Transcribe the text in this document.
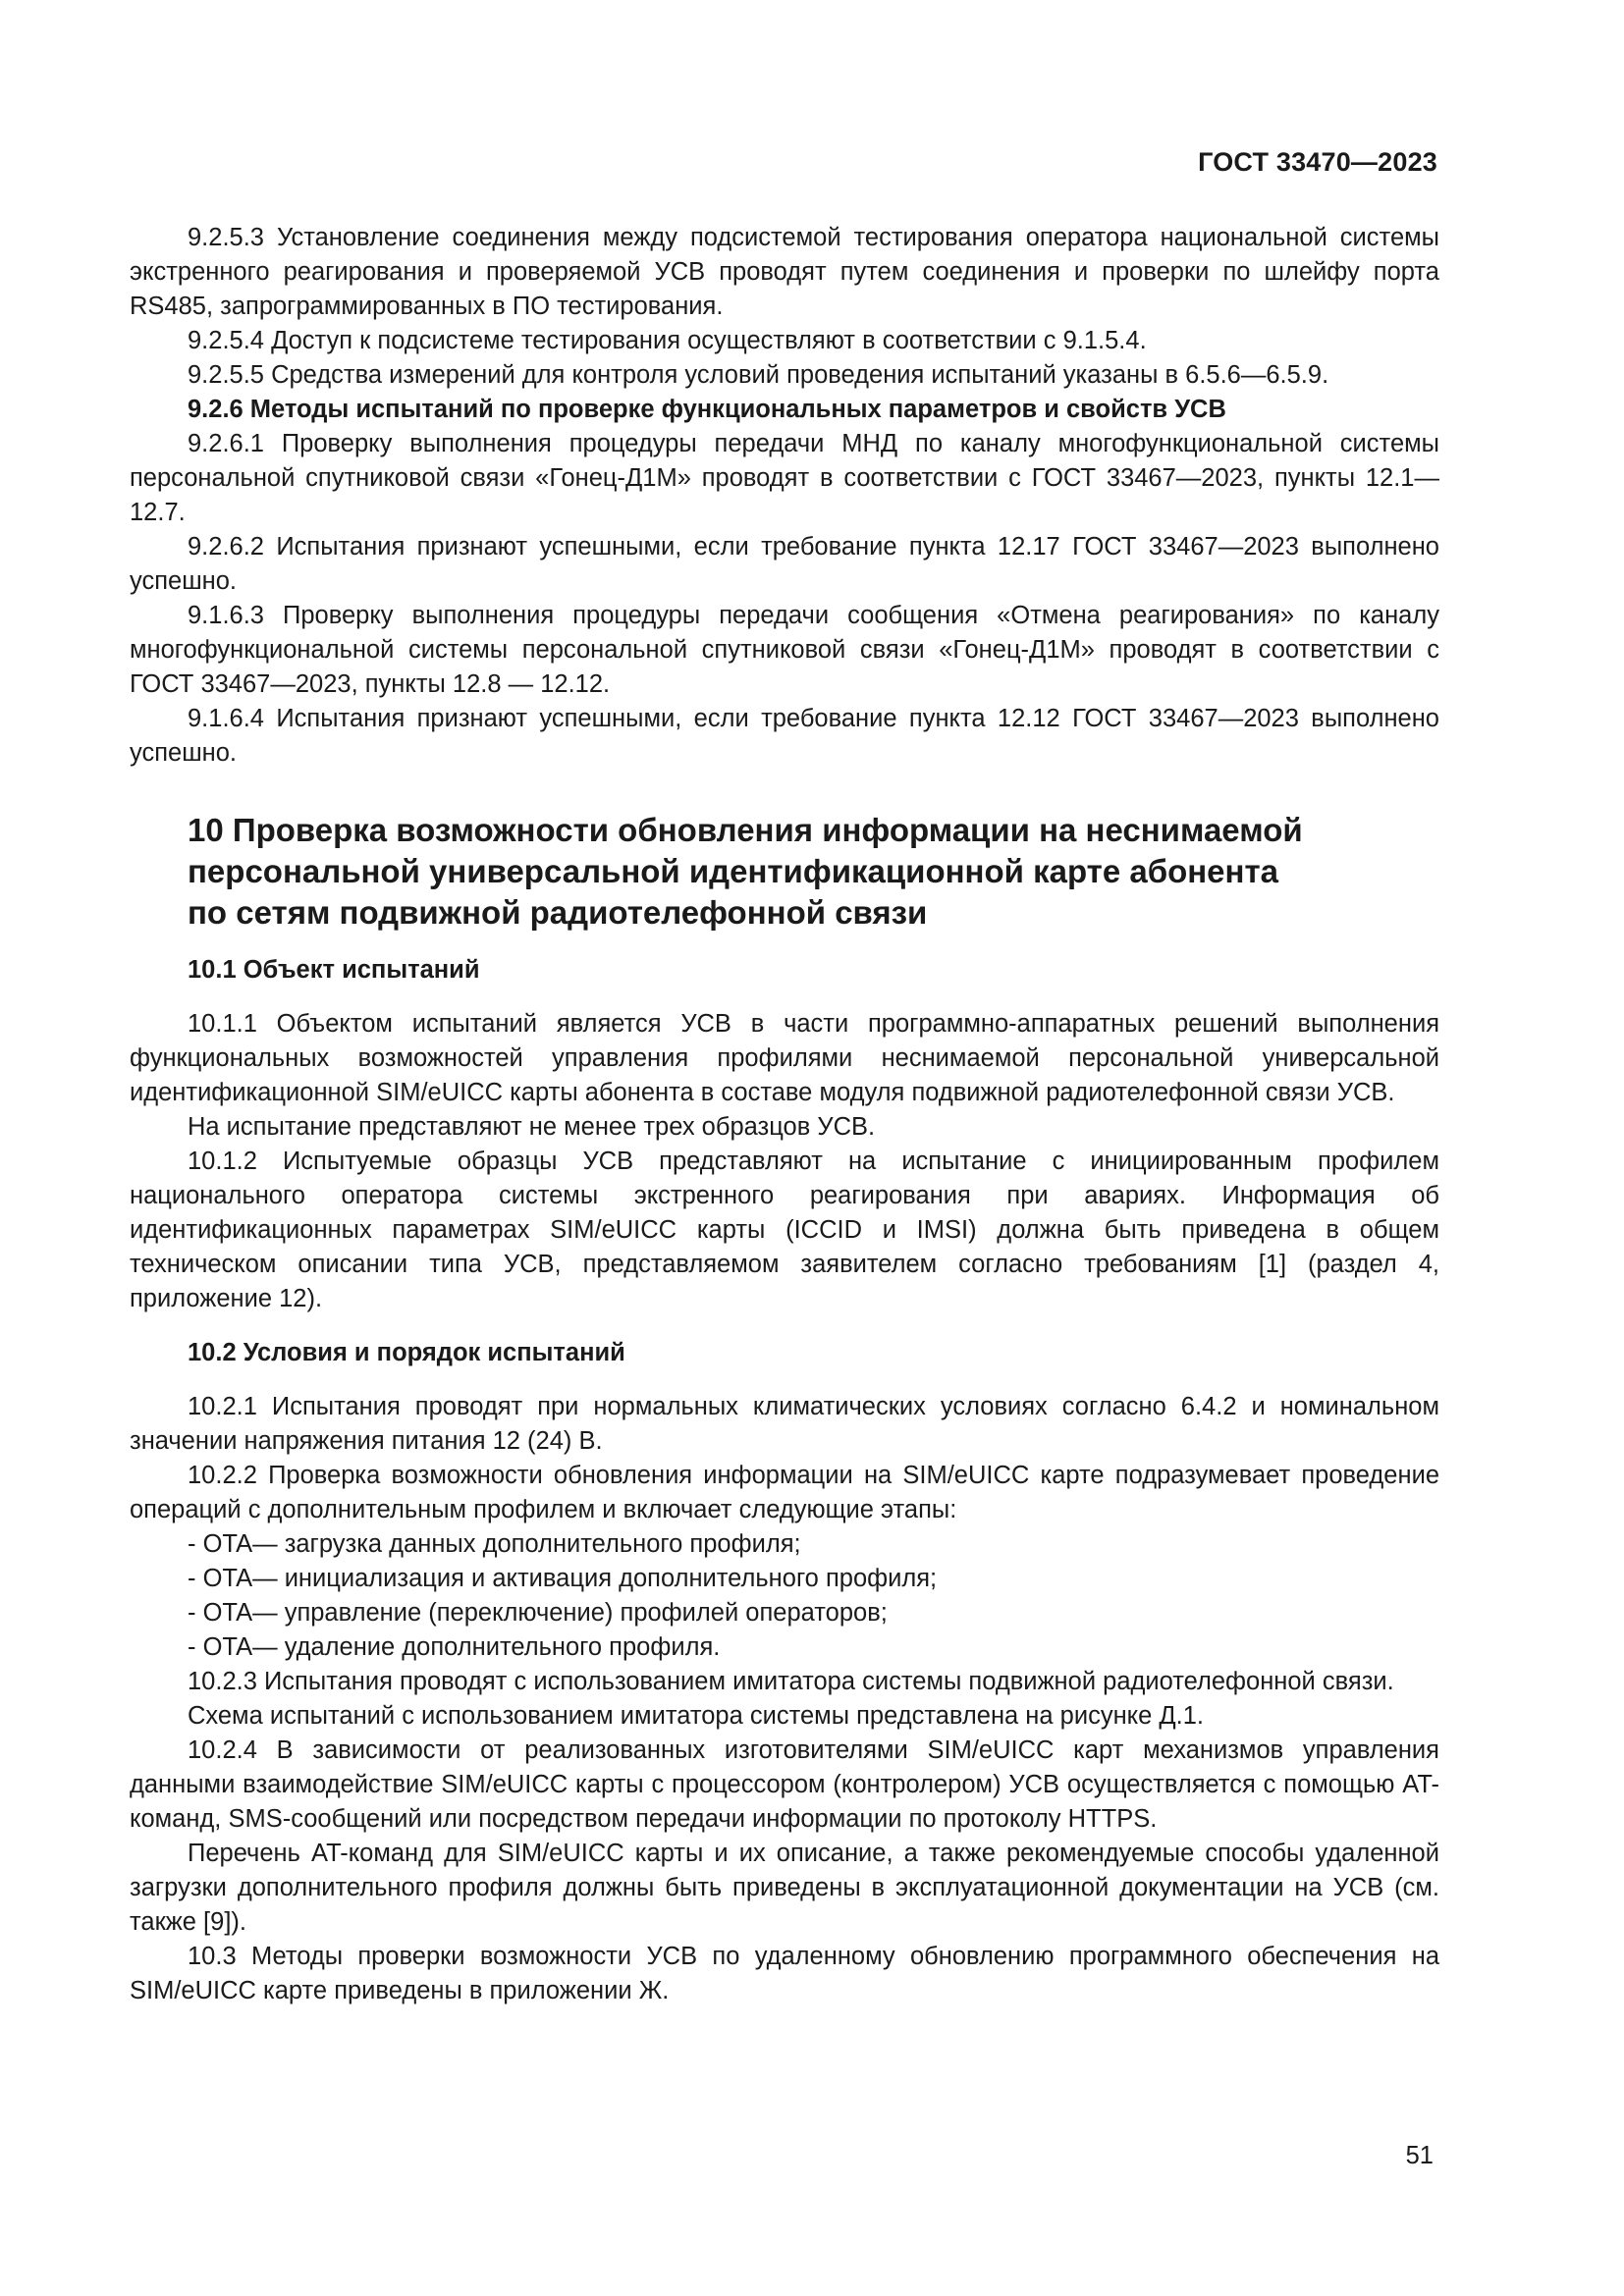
ГОСТ 33470—2023

9.2.5.3 Установление соединения между подсистемой тестирования оператора национальной системы экстренного реагирования и проверяемой УСВ проводят путем соединения и проверки по шлейфу порта RS485, запрограммированных в ПО тестирования.

9.2.5.4 Доступ к подсистеме тестирования осуществляют в соответствии с 9.1.5.4.

9.2.5.5 Средства измерений для контроля условий проведения испытаний указаны в 6.5.6—6.5.9.

9.2.6 Методы испытаний по проверке функциональных параметров и свойств УСВ

9.2.6.1 Проверку выполнения процедуры передачи МНД по каналу многофункциональной системы персональной спутниковой связи «Гонец-Д1М» проводят в соответствии с ГОСТ 33467—2023, пункты 12.1—12.7.

9.2.6.2 Испытания признают успешными, если требование пункта 12.17 ГОСТ 33467—2023 выполнено успешно.

9.1.6.3 Проверку выполнения процедуры передачи сообщения «Отмена реагирования» по каналу многофункциональной системы персональной спутниковой связи «Гонец-Д1М» проводят в соответствии с ГОСТ 33467—2023, пункты 12.8 — 12.12.

9.1.6.4 Испытания признают успешными, если требование пункта 12.12 ГОСТ 33467—2023 выполнено успешно.

10 Проверка возможности обновления информации на неснимаемой
персональной универсальной идентификационной карте абонента
по сетям подвижной радиотелефонной связи
10.1 Объект испытаний

10.1.1 Объектом испытаний является УСВ в части программно-аппаратных решений выполнения функциональных возможностей управления профилями неснимаемой персональной универсальной идентификационной SIM/eUICC карты абонента в составе модуля подвижной радиотелефонной связи УСВ.

На испытание представляют не менее трех образцов УСВ.

10.1.2 Испытуемые образцы УСВ представляют на испытание с инициированным профилем национального оператора системы экстренного реагирования при авариях. Информация об идентификационных параметрах SIM/eUICC карты (ICCID и IMSI) должна быть приведена в общем техническом описании типа УСВ, представляемом заявителем согласно требованиям [1] (раздел 4, приложение 12).

10.2 Условия и порядок испытаний

10.2.1 Испытания проводят при нормальных климатических условиях согласно 6.4.2 и номинальном значении напряжения питания 12 (24) В.

10.2.2 Проверка возможности обновления информации на SIM/eUICC карте подразумевает проведение операций с дополнительным профилем и включает следующие этапы:

- OTA— загрузка данных дополнительного профиля;
- OTA— инициализация и активация дополнительного профиля;
- OTA— управление (переключение) профилей операторов;
- OTA— удаление дополнительного профиля.

10.2.3 Испытания проводят с использованием имитатора системы подвижной радиотелефонной связи.

Схема испытаний с использованием имитатора системы представлена на рисунке Д.1.

10.2.4 В зависимости от реализованных изготовителями SIM/eUICC карт механизмов управления данными взаимодействие SIM/eUICC карты с процессором (контролером) УСВ осуществляется с помощью AT-команд, SMS-сообщений или посредством передачи информации по протоколу HTTPS.

Перечень AT-команд для SIM/eUICC карты и их описание, а также рекомендуемые способы удаленной загрузки дополнительного профиля должны быть приведены в эксплуатационной документации на УСВ (см. также [9]).

10.3 Методы проверки возможности УСВ по удаленному обновлению программного обеспечения на SIM/eUICC карте приведены в приложении Ж.

51
